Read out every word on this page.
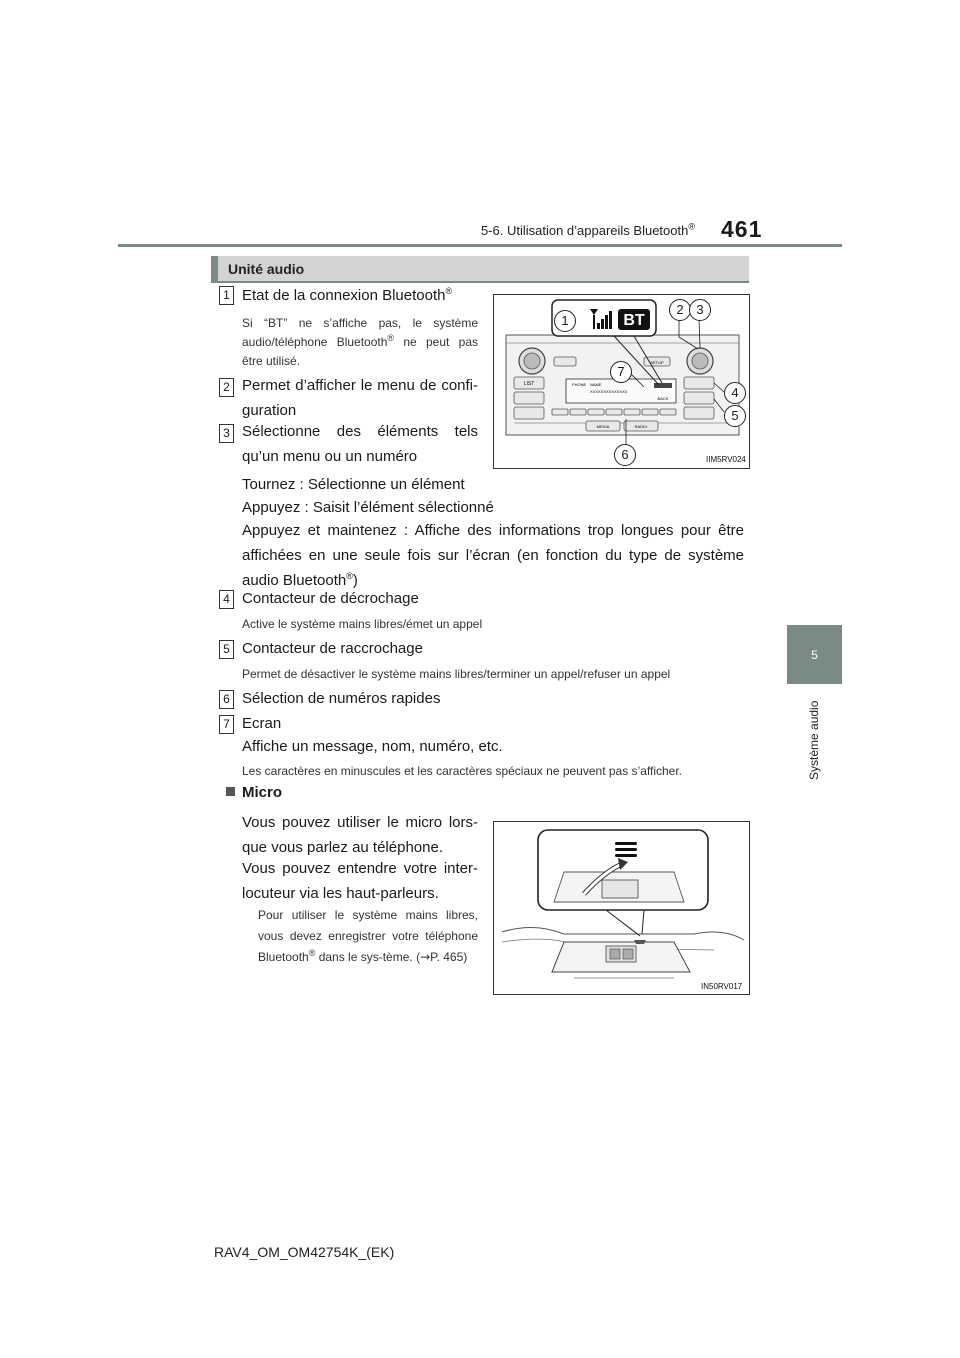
5-6. Utilisation d’appareils Bluetooth® 461
5
Système audio
Unité audio
1 Etat de la connexion Bluetooth®
Si “BT” ne s’affiche pas, le système audio/téléphone Bluetooth® ne peut pas être utilisé.
2 Permet d’afficher le menu de confi-guration
3 Sélectionne des éléments tels qu’un menu ou un numéro
Tournez : Sélectionne un élément
Appuyez : Saisit l’élément sélectionné
Appuyez et maintenez : Affiche des informations trop longues pour être affichées en une seule fois sur l’écran (en fonction du type de système audio Bluetooth®)
4 Contacteur de décrochage
Active le système mains libres/émet un appel
5 Contacteur de raccrochage
Permet de désactiver le système mains libres/terminer un appel/refuser un appel
6 Sélection de numéros rapides
7 Ecran
Affiche un message, nom, numéro, etc.
Les caractères en minuscules et les caractères spéciaux ne peuvent pas s’afficher.
SETUP
LIST	PHONE NAME
XXXXXXXXXXXXXX
BACK
MEDIA	RADIO
BT
1
2 3
4
5
6
7
IIM5RV024
Micro
Vous pouvez utiliser le micro lors-que vous parlez au téléphone.
Vous pouvez entendre votre inter-locuteur via les haut-parleurs.
Pour utiliser le système mains libres, vous devez enregistrer votre téléphone Bluetooth® dans le sys-tème. (→P. 465)
IN50RV017
RAV4_OM_OM42754K_(EK)
